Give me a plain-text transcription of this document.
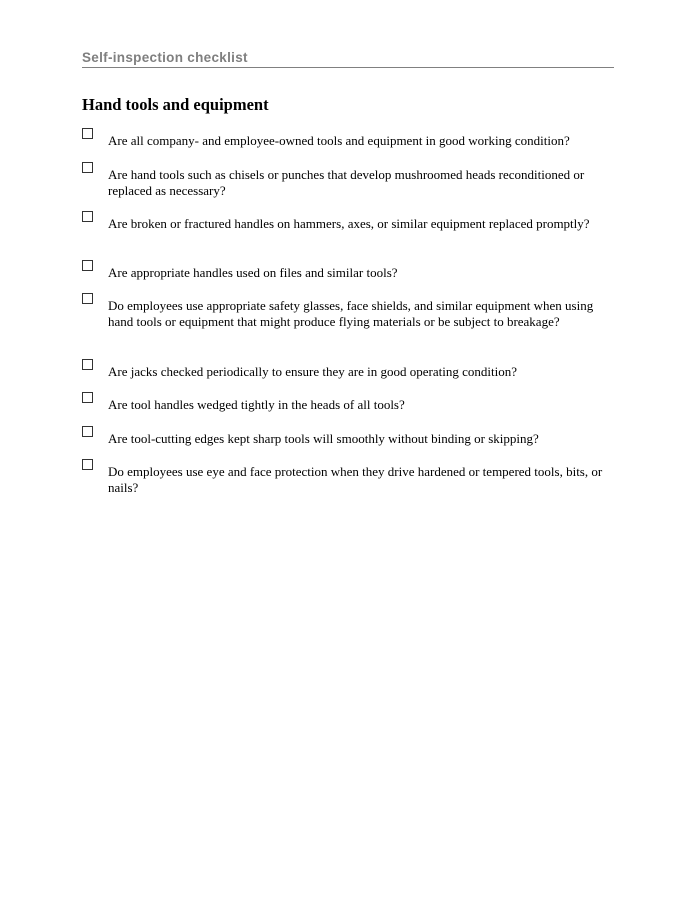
Self-inspection checklist
Hand tools and equipment
Are all company- and employee-owned tools and equipment in good working condition?
Are hand tools such as chisels or punches that develop mushroomed heads reconditioned or replaced as necessary?
Are broken or fractured handles on hammers, axes, or similar equipment replaced promptly?
Are appropriate handles used on files and similar tools?
Do employees use appropriate safety glasses, face shields, and similar equipment when using hand tools or equipment that might produce flying materials or be subject to breakage?
Are jacks checked periodically to ensure they are in good operating condition?
Are tool handles wedged tightly in the heads of all tools?
Are tool-cutting edges kept sharp tools will smoothly without binding or skipping?
Do employees use eye and face protection when they drive hardened or tempered tools, bits, or nails?
